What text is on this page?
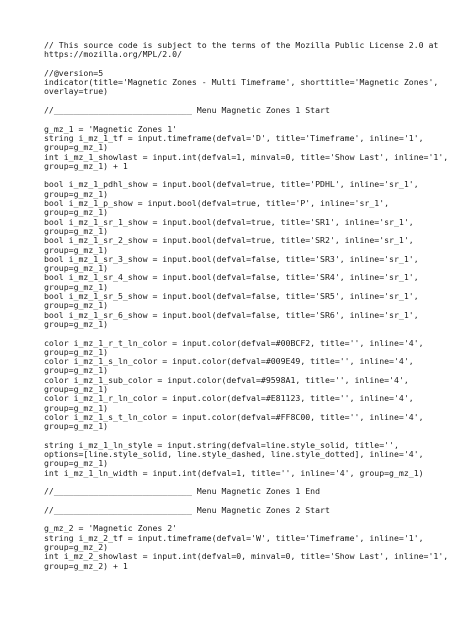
// This source code is subject to the terms of the Mozilla Public License 2.0 at
https://mozilla.org/MPL/2.0/
//@version=5
indicator(title='Magnetic Zones - Multi Timeframe', shorttitle='Magnetic Zones',
overlay=true)
//____________________________ Menu Magnetic Zones 1 Start
g_mz_1 = 'Magnetic Zones 1'
string i_mz_1_tf = input.timeframe(defval='D', title='Timeframe', inline='1',
group=g_mz_1)
int i_mz_1_showlast = input.int(defval=1, minval=0, title='Show Last', inline='1',
group=g_mz_1) + 1
bool i_mz_1_pdhl_show = input.bool(defval=true, title='PDHL', inline='sr_1',
group=g_mz_1)
bool i_mz_1_p_show = input.bool(defval=true, title='P', inline='sr_1',
group=g_mz_1)
bool i_mz_1_sr_1_show = input.bool(defval=true, title='SR1', inline='sr_1',
group=g_mz_1)
bool i_mz_1_sr_2_show = input.bool(defval=true, title='SR2', inline='sr_1',
group=g_mz_1)
bool i_mz_1_sr_3_show = input.bool(defval=false, title='SR3', inline='sr_1',
group=g_mz_1)
bool i_mz_1_sr_4_show = input.bool(defval=false, title='SR4', inline='sr_1',
group=g_mz_1)
bool i_mz_1_sr_5_show = input.bool(defval=false, title='SR5', inline='sr_1',
group=g_mz_1)
bool i_mz_1_sr_6_show = input.bool(defval=false, title='SR6', inline='sr_1',
group=g_mz_1)
color i_mz_1_r_t_ln_color = input.color(defval=#00BCF2, title='', inline='4',
group=g_mz_1)
color i_mz_1_s_ln_color = input.color(defval=#009E49, title='', inline='4',
group=g_mz_1)
color i_mz_1_sub_color = input.color(defval=#9598A1, title='', inline='4',
group=g_mz_1)
color i_mz_1_r_ln_color = input.color(defval=#E81123, title='', inline='4',
group=g_mz_1)
color i_mz_1_s_t_ln_color = input.color(defval=#FF8C00, title='', inline='4',
group=g_mz_1)
string i_mz_1_ln_style = input.string(defval=line.style_solid, title='',
options=[line.style_solid, line.style_dashed, line.style_dotted], inline='4',
group=g_mz_1)
int i_mz_1_ln_width = input.int(defval=1, title='', inline='4', group=g_mz_1)
//____________________________ Menu Magnetic Zones 1 End
//____________________________ Menu Magnetic Zones 2 Start
g_mz_2 = 'Magnetic Zones 2'
string i_mz_2_tf = input.timeframe(defval='W', title='Timeframe', inline='1',
group=g_mz_2)
int i_mz_2_showlast = input.int(defval=0, minval=0, title='Show Last', inline='1',
group=g_mz_2) + 1
